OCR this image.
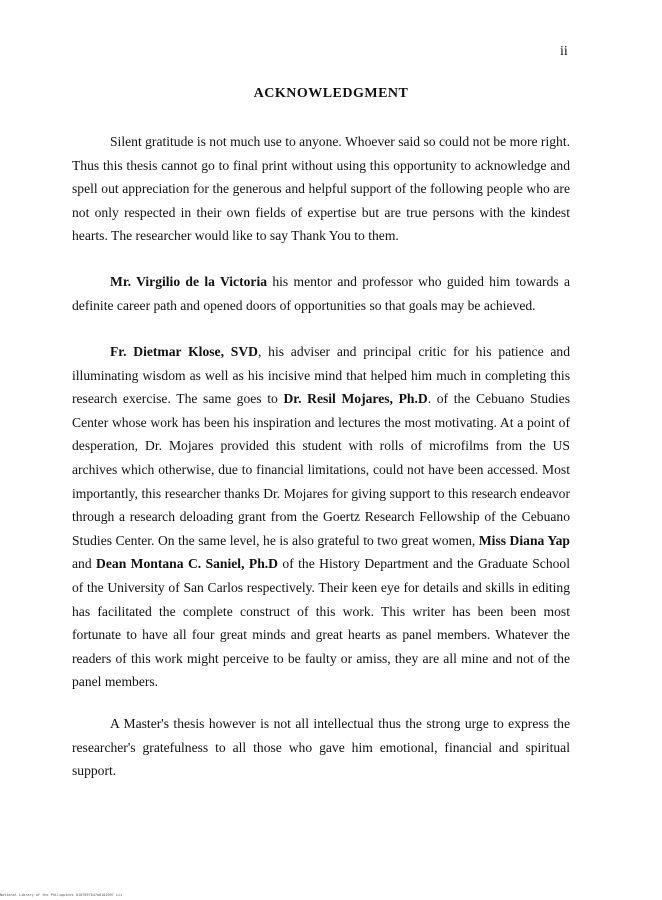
ii
ACKNOWLEDGMENT

Silent gratitude is not much use to anyone. Whoever said so could not be more right. Thus this thesis cannot go to final print without using this opportunity to acknowledge and spell out appreciation for the generous and helpful support of the following people who are not only respected in their own fields of expertise but are true persons with the kindest hearts. The researcher would like to say Thank You to them.

Mr. Virgilio de la Victoria his mentor and professor who guided him towards a definite career path and opened doors of opportunities so that goals may be achieved.

Fr. Dietmar Klose, SVD, his adviser and principal critic for his patience and illuminating wisdom as well as his incisive mind that helped him much in completing this research exercise. The same goes to Dr. Resil Mojares, Ph.D. of the Cebuano Studies Center whose work has been his inspiration and lectures the most motivating. At a point of desperation, Dr. Mojares provided this student with rolls of microfilms from the US archives which otherwise, due to financial limitations, could not have been accessed. Most importantly, this researcher thanks Dr. Mojares for giving support to this research endeavor through a research deloading grant from the Goertz Research Fellowship of the Cebuano Studies Center. On the same level, he is also grateful to two great women, Miss Diana Yap and Dean Montana C. Saniel, Ph.D of the History Department and the Graduate School of the University of San Carlos respectively. Their keen eye for details and skills in editing has facilitated the complete construct of this work. This writer has been been most fortunate to have all four great minds and great hearts as panel members. Whatever the readers of this work might perceive to be faulty or amiss, they are all mine and not of the panel members.

A Master's thesis however is not all intellectual thus the strong urge to express the researcher's gratefulness to all those who gave him emotional, financial and spiritual support.

National Library of the Philippines 0107097647a0102097 iii
